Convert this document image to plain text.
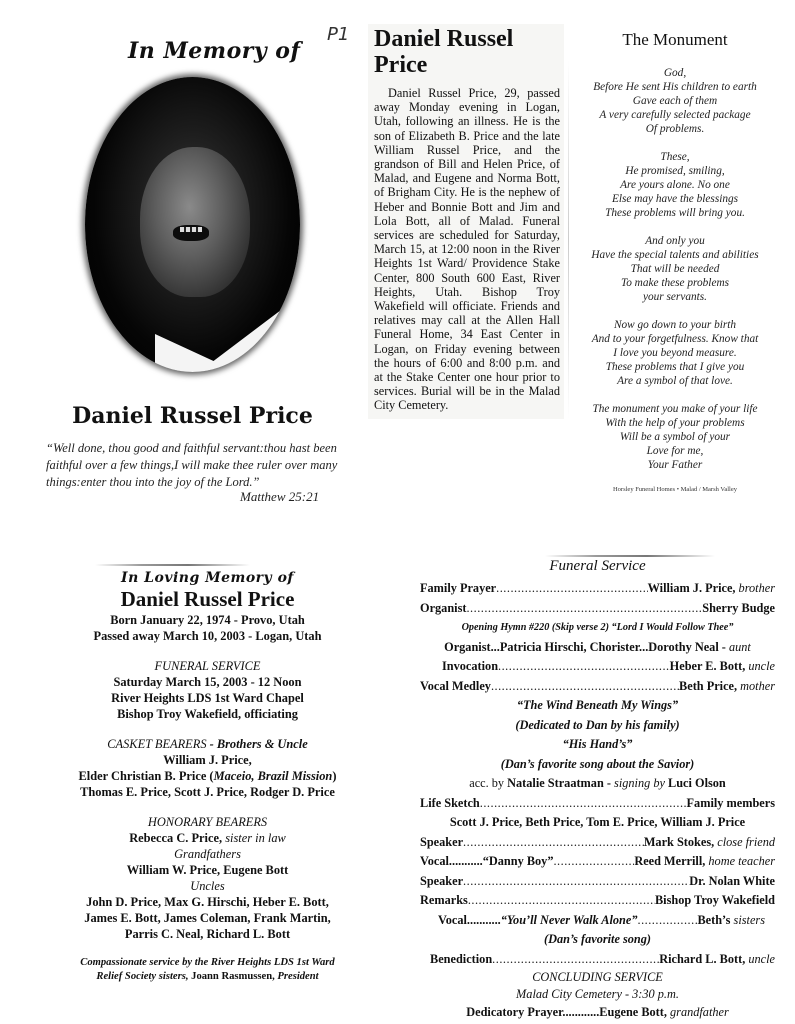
In Memory of
P1
Daniel Russel Price
“Well done, thou good and faithful servant:thou hast been faithful over a few things,I will make thee ruler over many things:enter thou into the joy of the Lord.”
Matthew 25:21
Daniel Russel Price
Daniel Russel Price, 29, passed away Monday evening in Logan, Utah, following an illness. He is the son of Elizabeth B. Price and the late William Russel Price, and the grandson of Bill and Helen Price, of Malad, and Eugene and Norma Bott, of Brigham City. He is the nephew of Heber and Bonnie Bott and Jim and Lola Bott, all of Malad. Funeral services are scheduled for Saturday, March 15, at 12:00 noon in the River Heights 1st Ward/ Providence Stake Center, 800 South 600 East, River Heights, Utah. Bishop Troy Wakefield will officiate. Friends and relatives may call at the Allen Hall Funeral Home, 34 East Center in Logan, on Friday evening between the hours of 6:00 and 8:00 p.m. and at the Stake Center one hour prior to services. Burial will be in the Malad City Cemetery.
The Monument
God,
Before He sent His children to earth
Gave each of them
A very carefully selected package
Of problems.
These,
He promised, smiling,
Are yours alone. No one
Else may have the blessings
These problems will bring you.
And only you
Have the special talents and abilities
That will be needed
To make these problems
your servants.
Now go down to your birth
And to your forgetfulness. Know that
I love you beyond measure.
These problems that I give you
Are a symbol of that love.
The monument you make of your life
With the help of your problems
Will be a symbol of your
Love for me,
Your Father
Horsley Funeral Homes • Malad / Marsh Valley
In Loving Memory of
Daniel Russel Price
Born January 22, 1974 - Provo, Utah
Passed away March 10, 2003 - Logan, Utah
FUNERAL SERVICE
Saturday March 15, 2003 - 12 Noon
River Heights LDS 1st Ward Chapel
Bishop Troy Wakefield, officiating
CASKET BEARERS - Brothers & Uncle
William J. Price,
Elder Christian B. Price (Maceio, Brazil Mission)
Thomas E. Price, Scott J. Price, Rodger D. Price
HONORARY BEARERS
Rebecca C. Price, sister in law
Grandfathers
William W. Price, Eugene Bott
Uncles
John D. Price, Max G. Hirschi, Heber E. Bott,
James E. Bott, James Coleman, Frank Martin,
Parris C. Neal, Richard L. Bott
Compassionate service by the River Heights LDS 1st Ward
Relief Society sisters, Joann Rasmussen, President
Funeral Service
Family Prayer .....	William J. Price, brother
Organist .....	Sherry Budge
Opening Hymn #220 (Skip verse 2) “Lord I Would Follow Thee”
Organist...Patricia Hirschi, Chorister...Dorothy Neal - aunt
Invocation .....	Heber E. Bott, uncle
Vocal Medley .....	Beth Price, mother
“The Wind Beneath My Wings”
(Dedicated to Dan by his family)
“His Hand’s”
(Dan’s favorite song about the Savior)
acc. by Natalie Straatman - signing by Luci Olson
Life Sketch .....	Family members
Scott J. Price, Beth Price, Tom E. Price, William J. Price
Speaker .....	Mark Stokes, close friend
Vocal...........“Danny Boy” .....	Reed Merrill, home teacher
Speaker .....	Dr. Nolan White
Remarks .....	Bishop Troy Wakefield
Vocal...........“You’ll Never Walk Alone” .....	Beth’s sisters
(Dan’s favorite song)
Benediction .....	Richard L. Bott, uncle
CONCLUDING SERVICE
Malad City Cemetery - 3:30 p.m.
Dedicatory Prayer............Eugene Bott, grandfather
